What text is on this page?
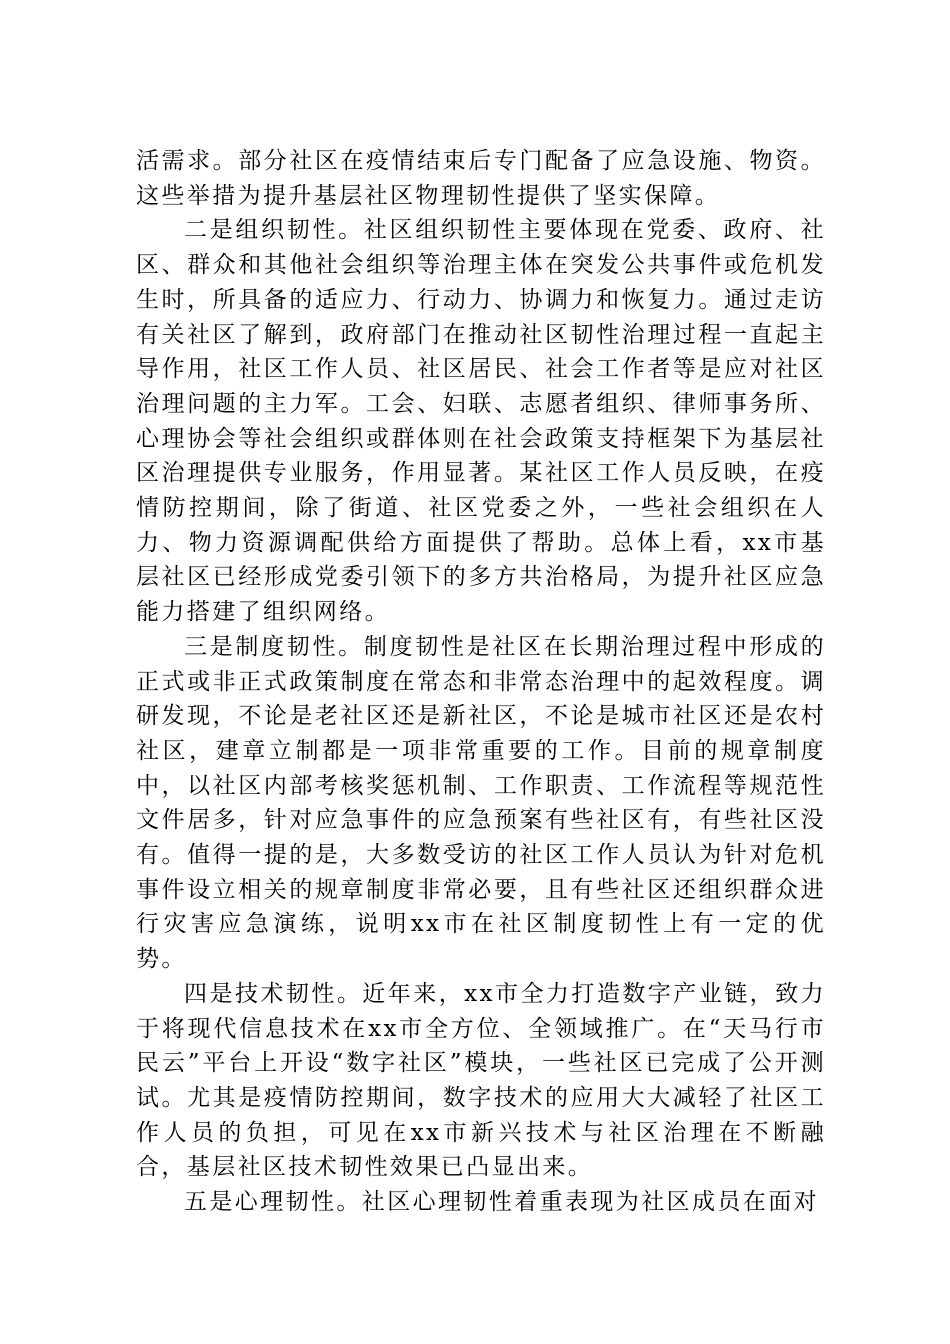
活需求。部分社区在疫情结束后专门配备了应急设施、物资。这些举措为提升基层社区物理韧性提供了坚实保障。

二是组织韧性。社区组织韧性主要体现在党委、政府、社区、群众和其他社会组织等治理主体在突发公共事件或危机发生时，所具备的适应力、行动力、协调力和恢复力。通过走访有关社区了解到，政府部门在推动社区韧性治理过程一直起主导作用，社区工作人员、社区居民、社会工作者等是应对社区治理问题的主力军。工会、妇联、志愿者组织、律师事务所、心理协会等社会组织或群体则在社会政策支持框架下为基层社区治理提供专业服务，作用显著。某社区工作人员反映，在疫情防控期间，除了街道、社区党委之外，一些社会组织在人力、物力资源调配供给方面提供了帮助。总体上看，xx市基层社区已经形成党委引领下的多方共治格局，为提升社区应急能力搭建了组织网络。

三是制度韧性。制度韧性是社区在长期治理过程中形成的正式或非正式政策制度在常态和非常态治理中的起效程度。调研发现，不论是老社区还是新社区，不论是城市社区还是农村社区，建章立制都是一项非常重要的工作。目前的规章制度中，以社区内部考核奖惩机制、工作职责、工作流程等规范性文件居多，针对应急事件的应急预案有些社区有，有些社区没有。值得一提的是，大多数受访的社区工作人员认为针对危机事件设立相关的规章制度非常必要，且有些社区还组织群众进行灾害应急演练，说明xx市在社区制度韧性上有一定的优势。

四是技术韧性。近年来，xx市全力打造数字产业链，致力于将现代信息技术在xx市全方位、全领域推广。在“天马行市民云”平台上开设“数字社区”模块，一些社区已完成了公开测试。尤其是疫情防控期间，数字技术的应用大大减轻了社区工作人员的负担，可见在xx市新兴技术与社区治理在不断融合，基层社区技术韧性效果已凸显出来。

五是心理韧性。社区心理韧性着重表现为社区成员在面对
